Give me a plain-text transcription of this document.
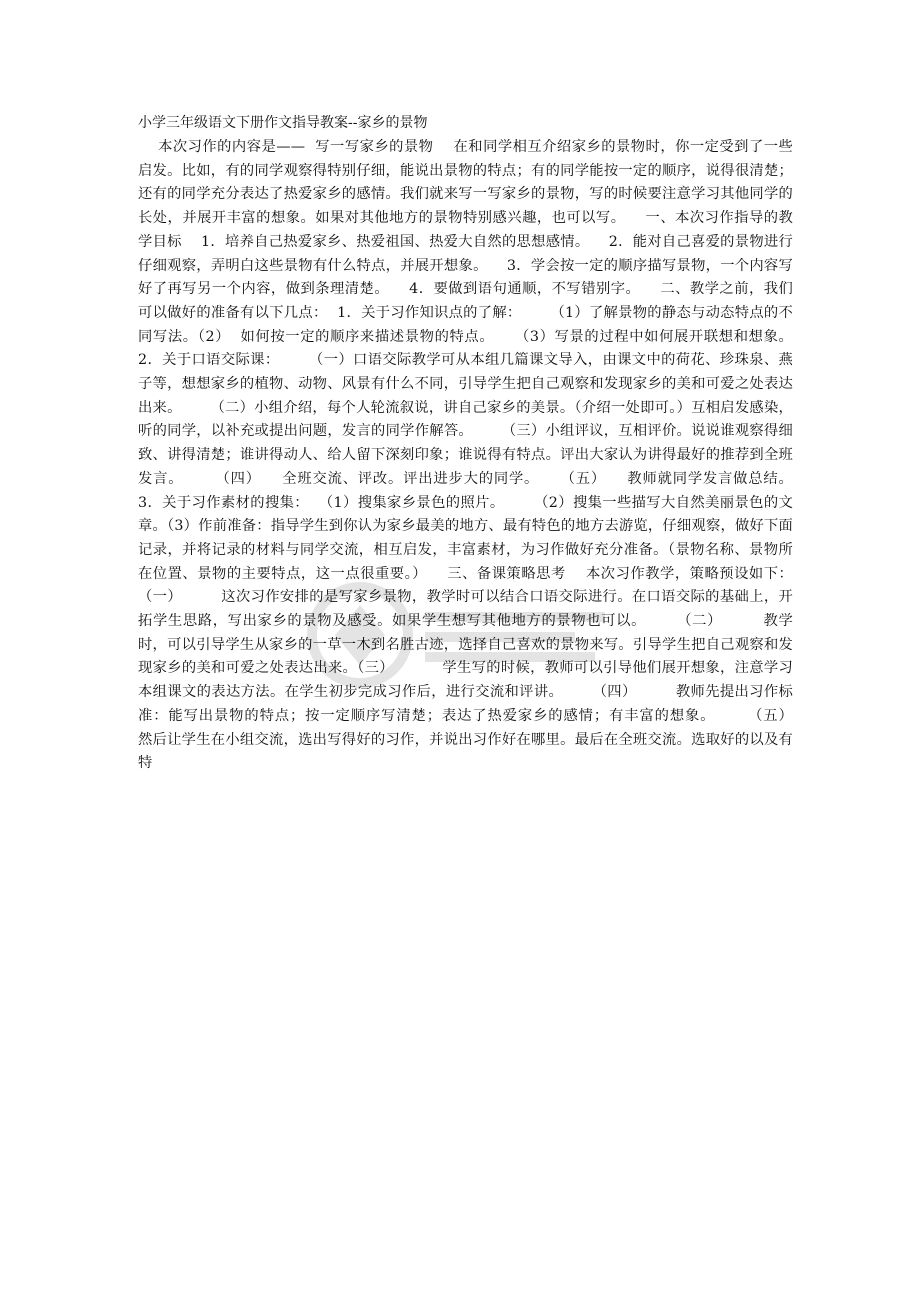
小学三年级语文下册作文指导教案--家乡的景物

本次习作的内容是——  写一写家乡的景物    在和同学相互介绍家乡的景物时，你一定受到了一些启发。比如，有的同学观察得特别仔细，能说出景物的特点；有的同学能按一定的顺序，说得很清楚；还有的同学充分表达了热爱家乡的感情。我们就来写一写家乡的景物，写的时候要注意学习其他同学的长处，并展开丰富的想象。如果对其他地方的景物特别感兴趣，也可以写。    一、本次习作指导的教学目标    1．培养自己热爱家乡、热爱祖国、热爱大自然的思想感情。    2．能对自己喜爱的景物进行仔细观察，弄明白这些景物有什么特点，并展开想象。    3．学会按一定的顺序描写景物，一个内容写好了再写另一个内容，做到条理清楚。    4．要做到语句通顺，不写错别字。    二、教学之前，我们可以做好的准备有以下几点：  1．关于习作知识点的了解：      （1）了解景物的静态与动态特点的不同写法。（2）  如何按一定的顺序来描述景物的特点。    （3）写景的过程中如何展开联想和想象。2．关于口语交际课：      （一）口语交际教学可从本组几篇课文导入，由课文中的荷花、珍珠泉、燕子等，想想家乡的植物、动物、风景有什么不同，引导学生把自己观察和发现家乡的美和可爱之处表达出来。      （二）小组介绍，每个人轮流叙说，讲自己家乡的美景。（介绍一处即可。）互相启发感染，听的同学，以补充或提出问题，发言的同学作解答。      （三）小组评议，互相评价。说说谁观察得细致、讲得清楚；谁讲得动人、给人留下深刻印象；谁说得有特点。评出大家认为讲得最好的推荐到全班发言。      （四）    全班交流、评改。评出进步大的同学。    （五）    教师就同学发言做总结。  3．关于习作素材的搜集：  （1）搜集家乡景色的照片。      （2）搜集一些描写大自然美丽景色的文章。（3）作前准备：指导学生到你认为家乡最美的地方、最有特色的地方去游览，仔细观察，做好下面记录，并将记录的材料与同学交流，相互启发，丰富素材，为习作做好充分准备。（景物名称、景物所在位置、景物的主要特点，这一点很重要。）    三、备课策略思考    本次习作教学，策略预设如下：      （一）        这次习作安排的是写家乡景物，教学时可以结合口语交际进行。在口语交际的基础上，开拓学生思路，写出家乡的景物及感受。如果学生想写其他地方的景物也可以。      （二）        教学时，可以引导学生从家乡的一草一木到名胜古迹，选择自己喜欢的景物来写。引导学生把自己观察和发现家乡的美和可爱之处表达出来。（三）          学生写的时候，教师可以引导他们展开想象，注意学习本组课文的表达方法。在学生初步完成习作后，进行交流和评讲。      （四）        教师先提出习作标准：能写出景物的特点；按一定顺序写清楚；表达了热爱家乡的感情；有丰富的想象。      （五）          然后让学生在小组交流，选出写得好的习作，并说出习作好在哪里。最后在全班交流。选取好的以及有特
